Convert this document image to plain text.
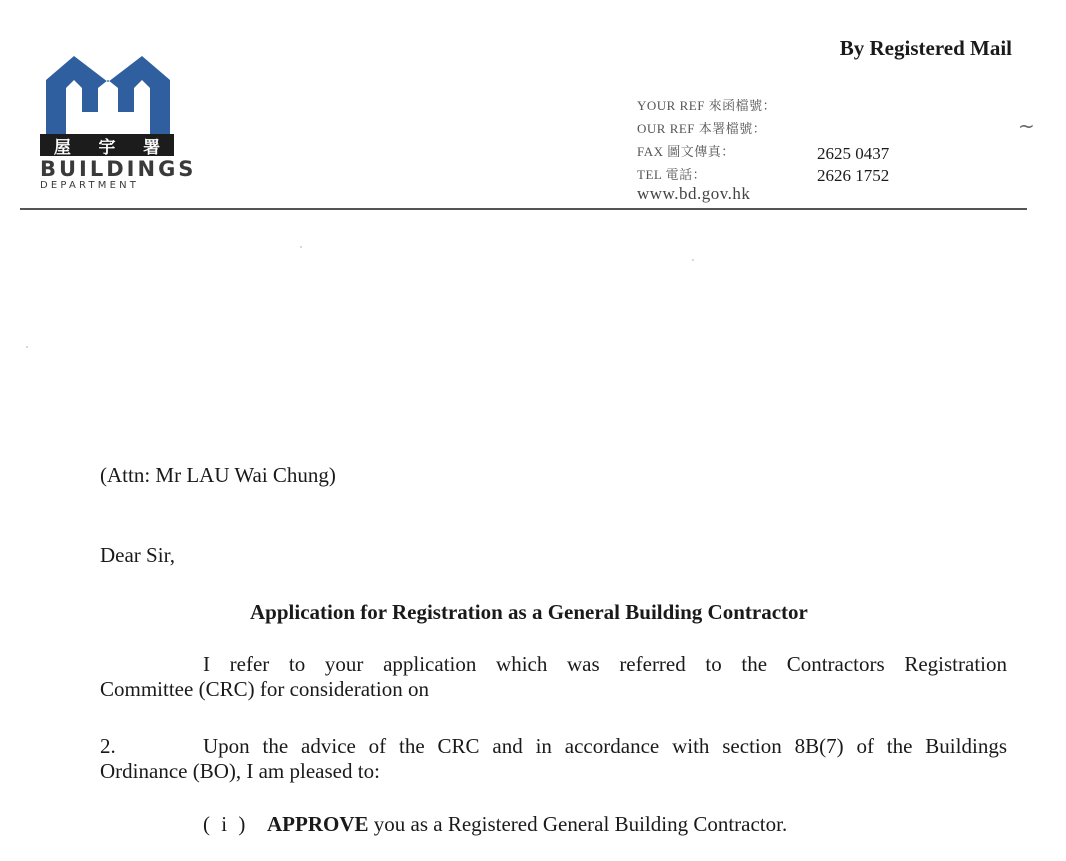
屋 宇 署
BUILDINGS
DEPARTMENT
By Registered Mail
YOUR REF 來函檔號：
OUR REF 本署檔號：
FAX 圖文傳真：
TEL 電話：
2625 0437
2626 1752
www.bd.gov.hk
~
(Attn: Mr LAU Wai Chung)
Dear Sir,
Application for Registration as a General Building Contractor
I refer to your application which was referred to the Contractors Registration
Committee (CRC) for consideration on
2.	Upon the advice of the CRC and in accordance with section 8B(7) of the Buildings
Ordinance (BO), I am pleased to:
( i ) APPROVE you as a Registered General Building Contractor.
